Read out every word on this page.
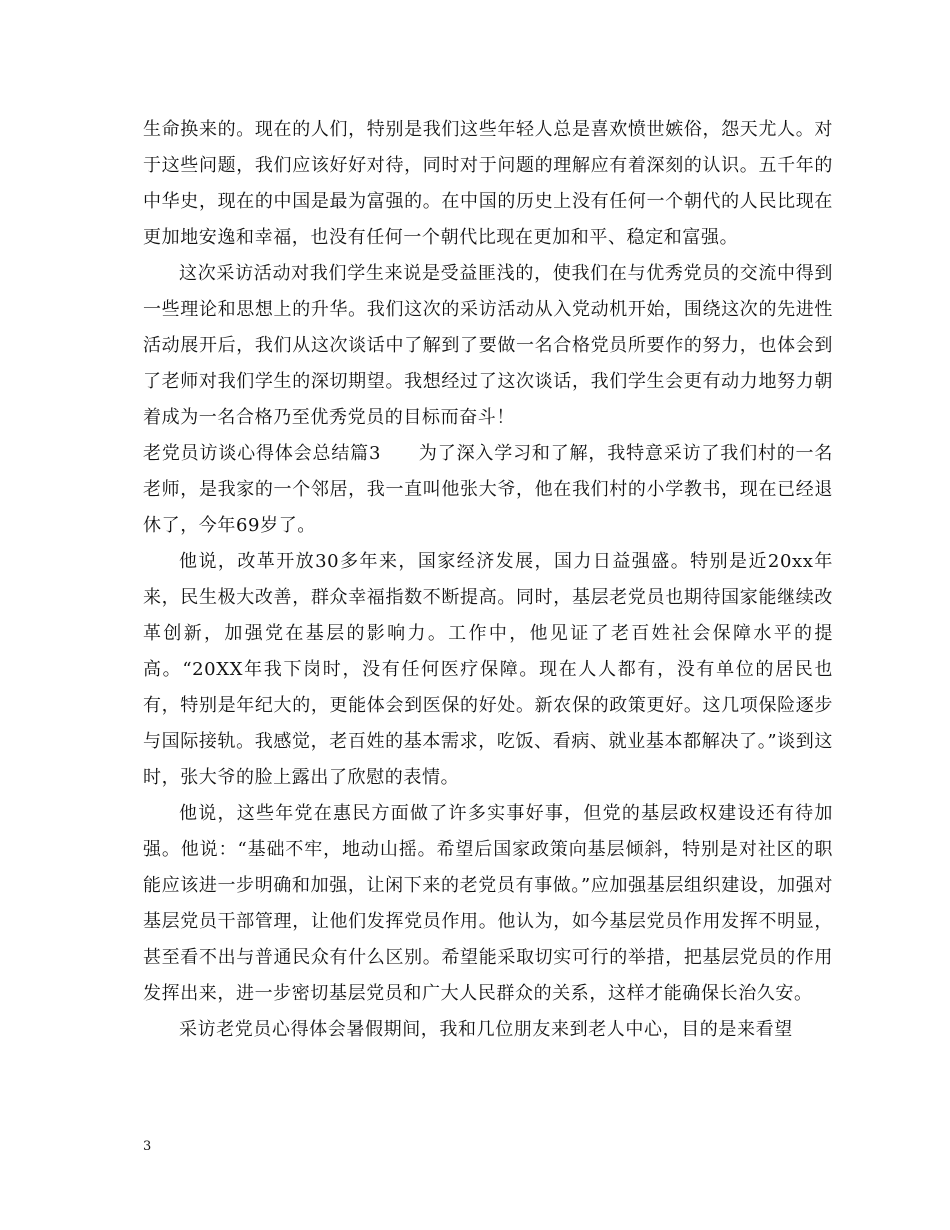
生命换来的。现在的人们，特别是我们这些年轻人总是喜欢愤世嫉俗，怨天尤人。对于这些问题，我们应该好好对待，同时对于问题的理解应有着深刻的认识。五千年的中华史，现在的中国是最为富强的。在中国的历史上没有任何一个朝代的人民比现在更加地安逸和幸福，也没有任何一个朝代比现在更加和平、稳定和富强。

这次采访活动对我们学生来说是受益匪浅的，使我们在与优秀党员的交流中得到一些理论和思想上的升华。我们这次的采访活动从入党动机开始，围绕这次的先进性活动展开后，我们从这次谈话中了解到了要做一名合格党员所要作的努力，也体会到了老师对我们学生的深切期望。我想经过了这次谈话，我们学生会更有动力地努力朝着成为一名合格乃至优秀党员的目标而奋斗！

老党员访谈心得体会总结篇3　　为了深入学习和了解，我特意采访了我们村的一名老师，是我家的一个邻居，我一直叫他张大爷，他在我们村的小学教书，现在已经退休了，今年69岁了。

他说，改革开放30多年来，国家经济发展，国力日益强盛。特别是近20xx年来，民生极大改善，群众幸福指数不断提高。同时，基层老党员也期待国家能继续改革创新，加强党在基层的影响力。工作中，他见证了老百姓社会保障水平的提高。“20XX年我下岗时，没有任何医疗保障。现在人人都有，没有单位的居民也有，特别是年纪大的，更能体会到医保的好处。新农保的政策更好。这几项保险逐步与国际接轨。我感觉，老百姓的基本需求，吃饭、看病、就业基本都解决了。”谈到这时，张大爷的脸上露出了欣慰的表情。

他说，这些年党在惠民方面做了许多实事好事，但党的基层政权建设还有待加强。他说：“基础不牢，地动山摇。希望后国家政策向基层倾斜，特别是对社区的职能应该进一步明确和加强，让闲下来的老党员有事做。”应加强基层组织建设，加强对基层党员干部管理，让他们发挥党员作用。他认为，如今基层党员作用发挥不明显，甚至看不出与普通民众有什么区别。希望能采取切实可行的举措，把基层党员的作用发挥出来，进一步密切基层党员和广大人民群众的关系，这样才能确保长治久安。

采访老党员心得体会暑假期间，我和几位朋友来到老人中心，目的是来看望

3
